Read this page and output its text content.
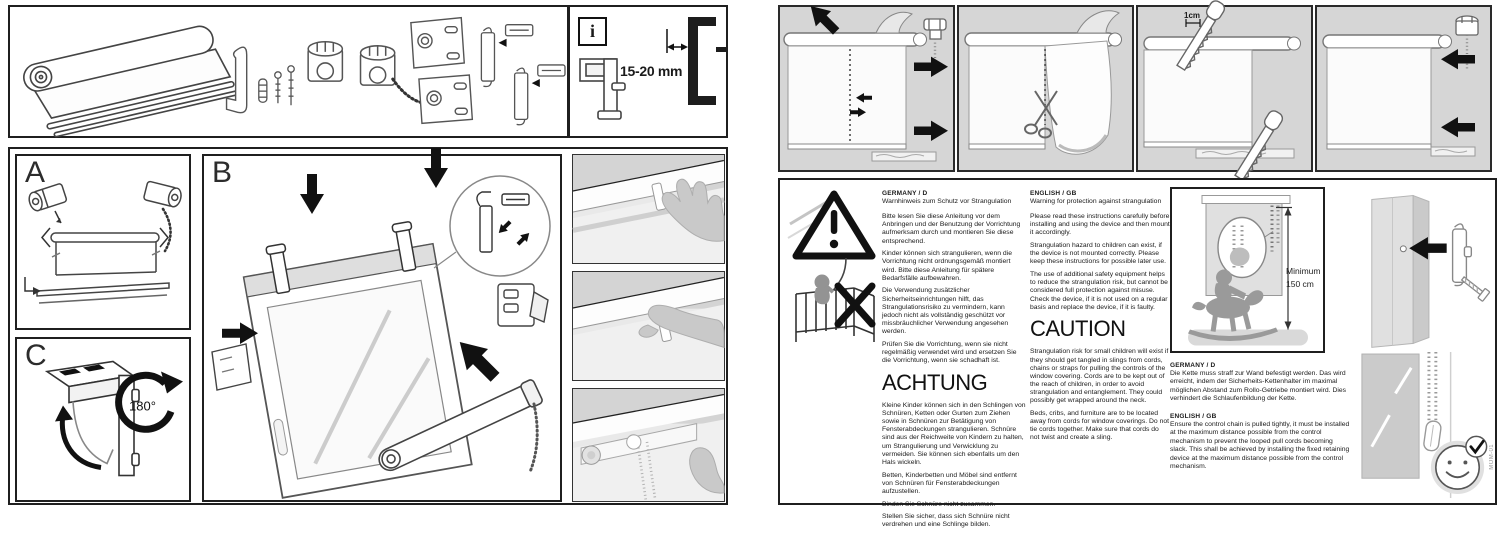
i
15-20 mm
A
C
180°
B
1cm

GERMANY / D

Warnhinweis zum Schutz vor Strangulation

Bitte lesen Sie diese Anleitung vor dem Anbringen und der Benutzung der Vorrichtung aufmerksam durch und montieren Sie diese entsprechend.

Kinder können sich strangulieren, wenn die Vorrichtung nicht ordnungsgemäß montiert wird. Bitte diese Anleitung für spätere Bedarfsfälle aufbewahren.

Die Verwendung zusätzlicher Sicherheitseinrichtungen hilft, das Strangulationsrisiko zu vermindern, kann jedoch nicht als vollständig geschützt vor missbräuchlicher Verwendung angesehen werden.

Prüfen Sie die Vorrichtung, wenn sie nicht regelmäßig verwendet wird und ersetzen Sie die Vorrichtung, wenn sie schadhaft ist.

ACHTUNG

Kleine Kinder können sich in den Schlingen von Schnüren, Ketten oder Gurten zum Ziehen sowie in Schnüren zur Betätigung von Fensterabdeckungen strangulieren. Schnüre sind aus der Reichweite von Kindern zu halten, um Strangulierung und Verwicklung zu vermeiden. Sie können sich ebenfalls um den Hals wickeln.

Betten, Kinderbetten und Möbel sind entfernt von Schnüren für Fensterabdeckungen aufzustellen.

Binden Sie Schnüre nicht zusammen.

Stellen Sie sicher, dass sich Schnüre nicht verdrehen und eine Schlinge bilden.

ENGLISH / GB

Warning for protection against strangulation

Please read these instructions carefully before installing and using the device and then mount it accordingly.

Strangulation hazard to children can exist, if the device is not mounted correctly. Please keep these instructions for possible later use.

The use of additional safety equipment helps to reduce the strangulation risk, but cannot be considered full protection against misuse. Check the device, if it is not used on a regular basis and replace the device, if it is faulty.

CAUTION

Strangulation risk for small children will exist if they should get tangled in slings from cords, chains or straps for pulling the controls of the window covering. Cords are to be kept out of the reach of children, in order to avoid strangulation and entanglement. They could possibly get wrapped around the neck.

Beds, cribs, and furniture are to be located away from cords for window coverings. Do not tie cords together. Make sure that cords do not twist and create a sling.

Minimum 150 cm

GERMANY / D

Die Kette muss straff zur Wand befestigt werden. Das wird erreicht, indem der Sicherheits-Kettenhalter im maximal möglichen Abstand zum Rollo-Getriebe montiert wird. Dies verhindert die Schlaufenbildung der Kette.

ENGLISH / GB

Ensure the control chain is pulled tightly, it must be installed at the maximum distance possible from the control mechanism to prevent the looped pull cords becoming slack. This shall be achieved by installing the fixed retaining device at the maximum distance possible from the control mechanism.	MOM-01
